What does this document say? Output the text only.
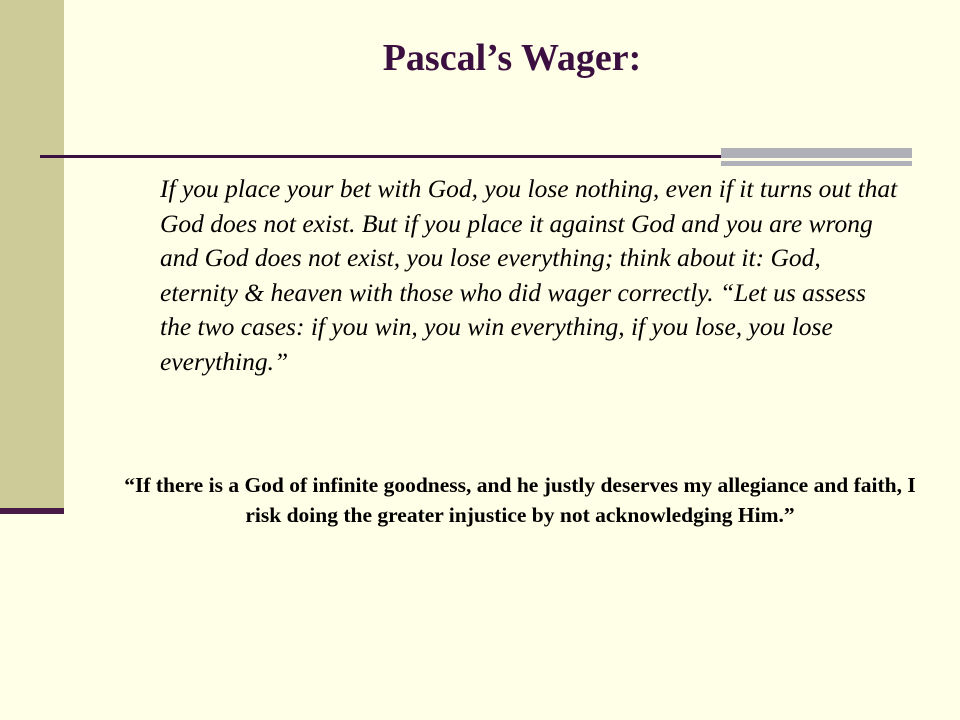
Pascal’s Wager:

If you place your bet with God, you lose nothing, even if it turns out that God does not exist. But if you place it against God and you are wrong and God does not exist, you lose everything; think about it: God, eternity & heaven with those who did wager correctly. “Let us assess the two cases: if you win, you win everything, if you lose, you lose everything.”

“If there is a God of infinite goodness, and he justly deserves my allegiance and faith, I risk doing the greater injustice by not acknowledging Him.”
